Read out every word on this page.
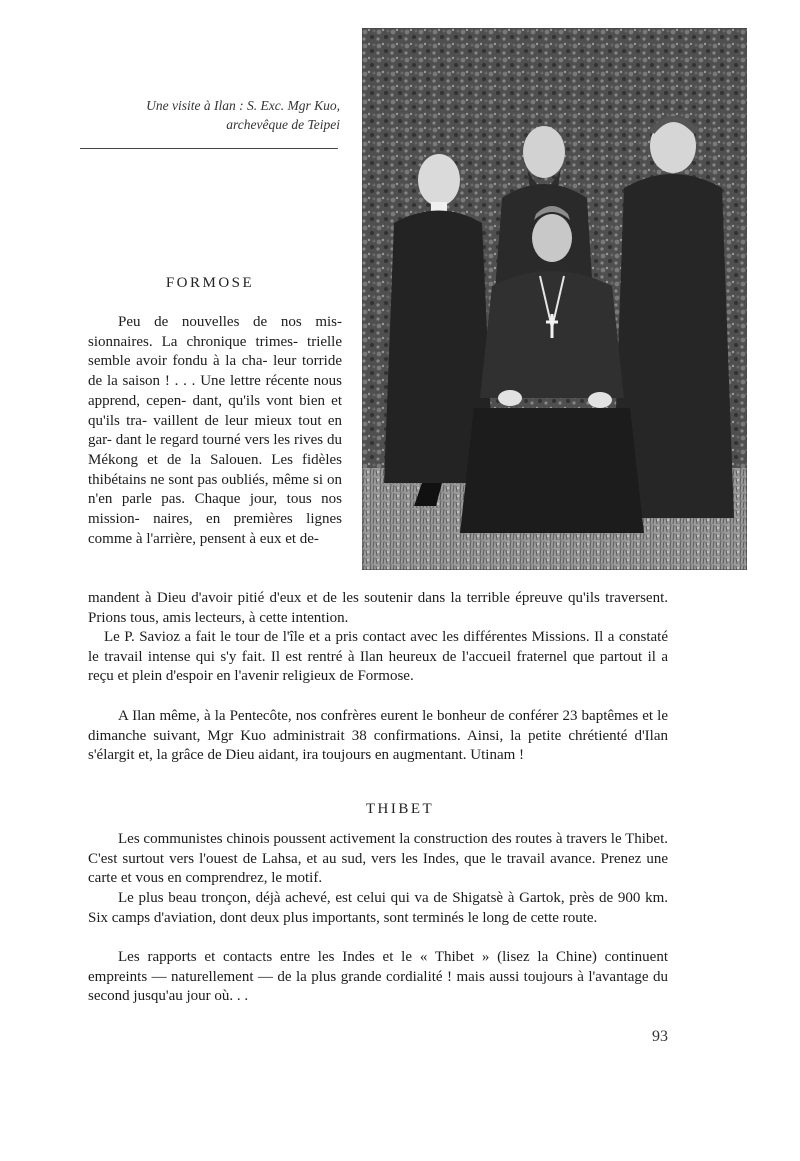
Une visite à Ilan : S. Exc. Mgr Kuo,
archevêque de Teipei
FORMOSE

Peu de nouvelles de nos mis- sionnaires. La chronique trimes- trielle semble avoir fondu à la cha- leur torride de la saison ! . . . Une lettre récente nous apprend, cepen- dant, qu'ils vont bien et qu'ils tra- vaillent de leur mieux tout en gar- dant le regard tourné vers les rives du Mékong et de la Salouen. Les fidèles thibétains ne sont pas oubliés, même si on n'en parle pas. Chaque jour, tous nos mission- naires, en premières lignes comme à l'arrière, pensent à eux et de-

mandent à Dieu d'avoir pitié d'eux et de les soutenir dans la terrible épreuve qu'ils traversent. Prions tous, amis lecteurs, à cette intention.

Le P. Savioz a fait le tour de l'île et a pris contact avec les différentes Missions. Il a constaté le travail intense qui s'y fait. Il est rentré à Ilan heureux de l'accueil fraternel que partout il a reçu et plein d'espoir en l'avenir religieux de Formose.

A Ilan même, à la Pentecôte, nos confrères eurent le bonheur de conférer 23 baptêmes et le dimanche suivant, Mgr Kuo administrait 38 confirmations. Ainsi, la petite chrétienté d'Ilan s'élargit et, la grâce de Dieu aidant, ira toujours en augmentant. Utinam !

THIBET

Les communistes chinois poussent activement la construction des routes à travers le Thibet. C'est surtout vers l'ouest de Lahsa, et au sud, vers les Indes, que le travail avance. Prenez une carte et vous en comprendrez, le motif.

Le plus beau tronçon, déjà achevé, est celui qui va de Shigatsè à Gartok, près de 900 km. Six camps d'aviation, dont deux plus importants, sont terminés le long de cette route.

Les rapports et contacts entre les Indes et le « Thibet » (lisez la Chine) continuent empreints — naturellement — de la plus grande cordialité ! mais aussi toujours à l'avantage du second jusqu'au jour où. . .

93
